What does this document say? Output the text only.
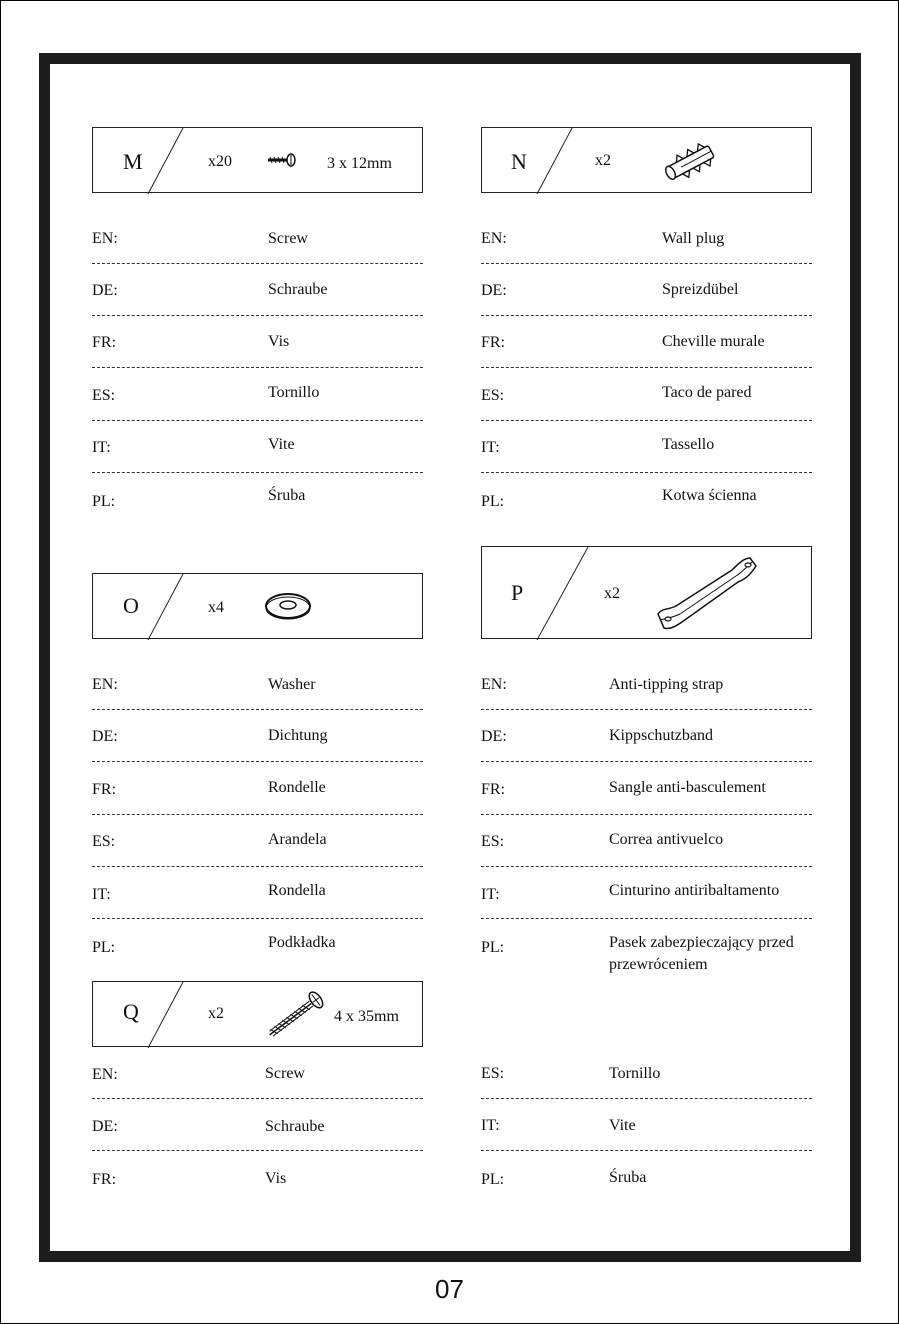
M	x20	3 x 12mm
EN:	Screw
DE:	Schraube
FR:	Vis
ES:	Tornillo
IT:	Vite
PL:	Śruba
N	x2
EN:	Wall plug
DE:	Spreizdübel
FR:	Cheville murale
ES:	Taco de pared
IT:	Tassello
PL:	Kotwa ścienna
O	x4
EN:	Washer
DE:	Dichtung
FR:	Rondelle
ES:	Arandela
IT:	Rondella
PL:	Podkładka
P	x2
EN:	Anti-tipping strap
DE:	Kippschutzband
FR:	Sangle anti-basculement
ES:	Correa antivuelco
IT:	Cinturino antiribaltamento
PL:	Pasek zabezpieczający przed
przewróceniem
Q	x2	4 x 35mm
EN:	Screw
DE:	Schraube
FR:	Vis
ES:	Tornillo
IT:	Vite
PL:	Śruba
07
